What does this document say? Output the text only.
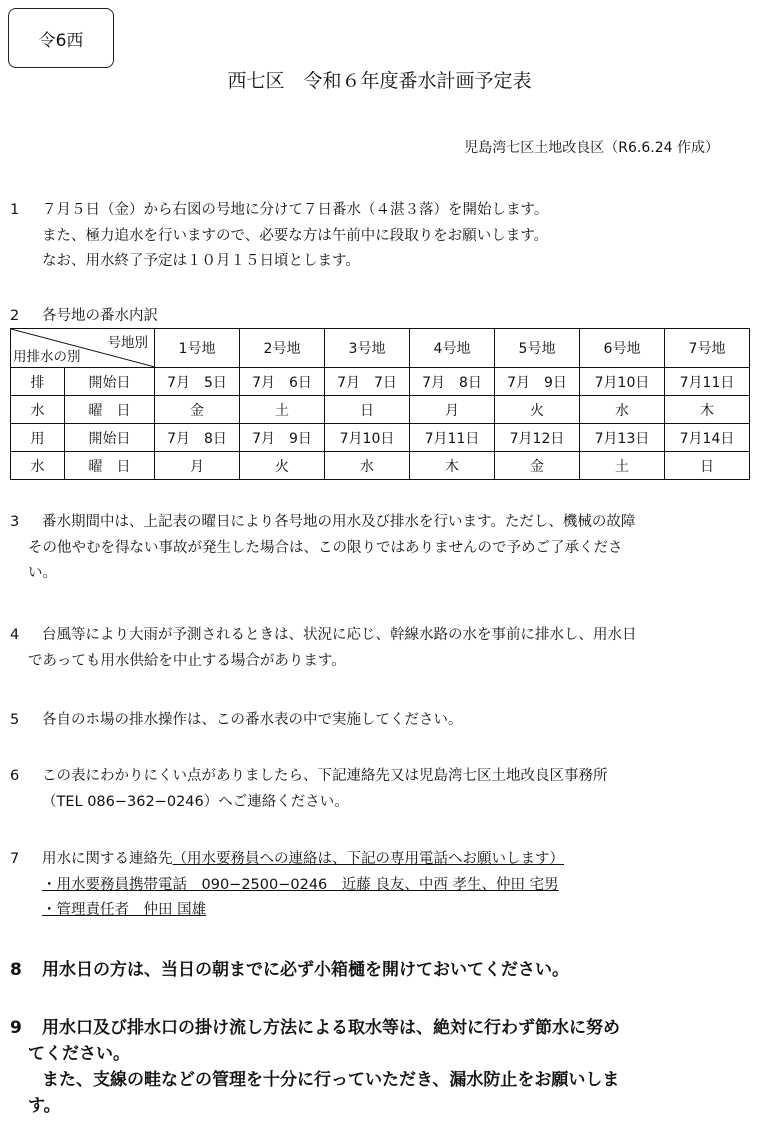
令6西
西七区　令和６年度番水計画予定表
児島湾七区土地改良区（R6.6.24 作成）
1 ７月５日（金）から右図の号地に分けて７日番水（４湛３落）を開始します。
また、極力追水を行いますので、必要な方は午前中に段取りをお願いします。
なお、用水終了予定は１０月１５日頃とします。
2 各号地の番水内訳
号地別
用排水の別		1号地	2号地	3号地	4号地	5号地	6号地	7号地
排	開始日	7月　5日	7月　6日	7月　7日	7月　8日	7月　9日	7月10日	7月11日
水	曜　日	金	土	日	月	火	水	木
用	開始日	7月　8日	7月　9日	7月10日	7月11日	7月12日	7月13日	7月14日
水	曜　日	月	火	水	木	金	土	日
3 番水期間中は、上記表の曜日により各号地の用水及び排水を行います。ただし、機械の故障
その他やむを得ない事故が発生した場合は、この限りではありませんので予めご了承くださ
い。
4 台風等により大雨が予測されるときは、状況に応じ、幹線水路の水を事前に排水し、用水日
であっても用水供給を中止する場合があります。
5 各自のホ場の排水操作は、この番水表の中で実施してください。
6 この表にわかりにくい点がありましたら、下記連絡先又は児島湾七区土地改良区事務所
（TEL 086−362−0246）へご連絡ください。
7 用水に関する連絡先（用水要務員への連絡は、下記の専用電話へお願いします）
・用水要務員携帯電話　090−2500−0246　近藤 良友、中西 孝生、仲田 宅男
・管理責任者　仲田 国雄
8 用水日の方は、当日の朝までに必ず小箱樋を開けておいてください。
9 用水口及び排水口の掛け流し方法による取水等は、絶対に行わず節水に努め
てください。
また、支線の畦などの管理を十分に行っていただき、漏水防止をお願いしま
す。
